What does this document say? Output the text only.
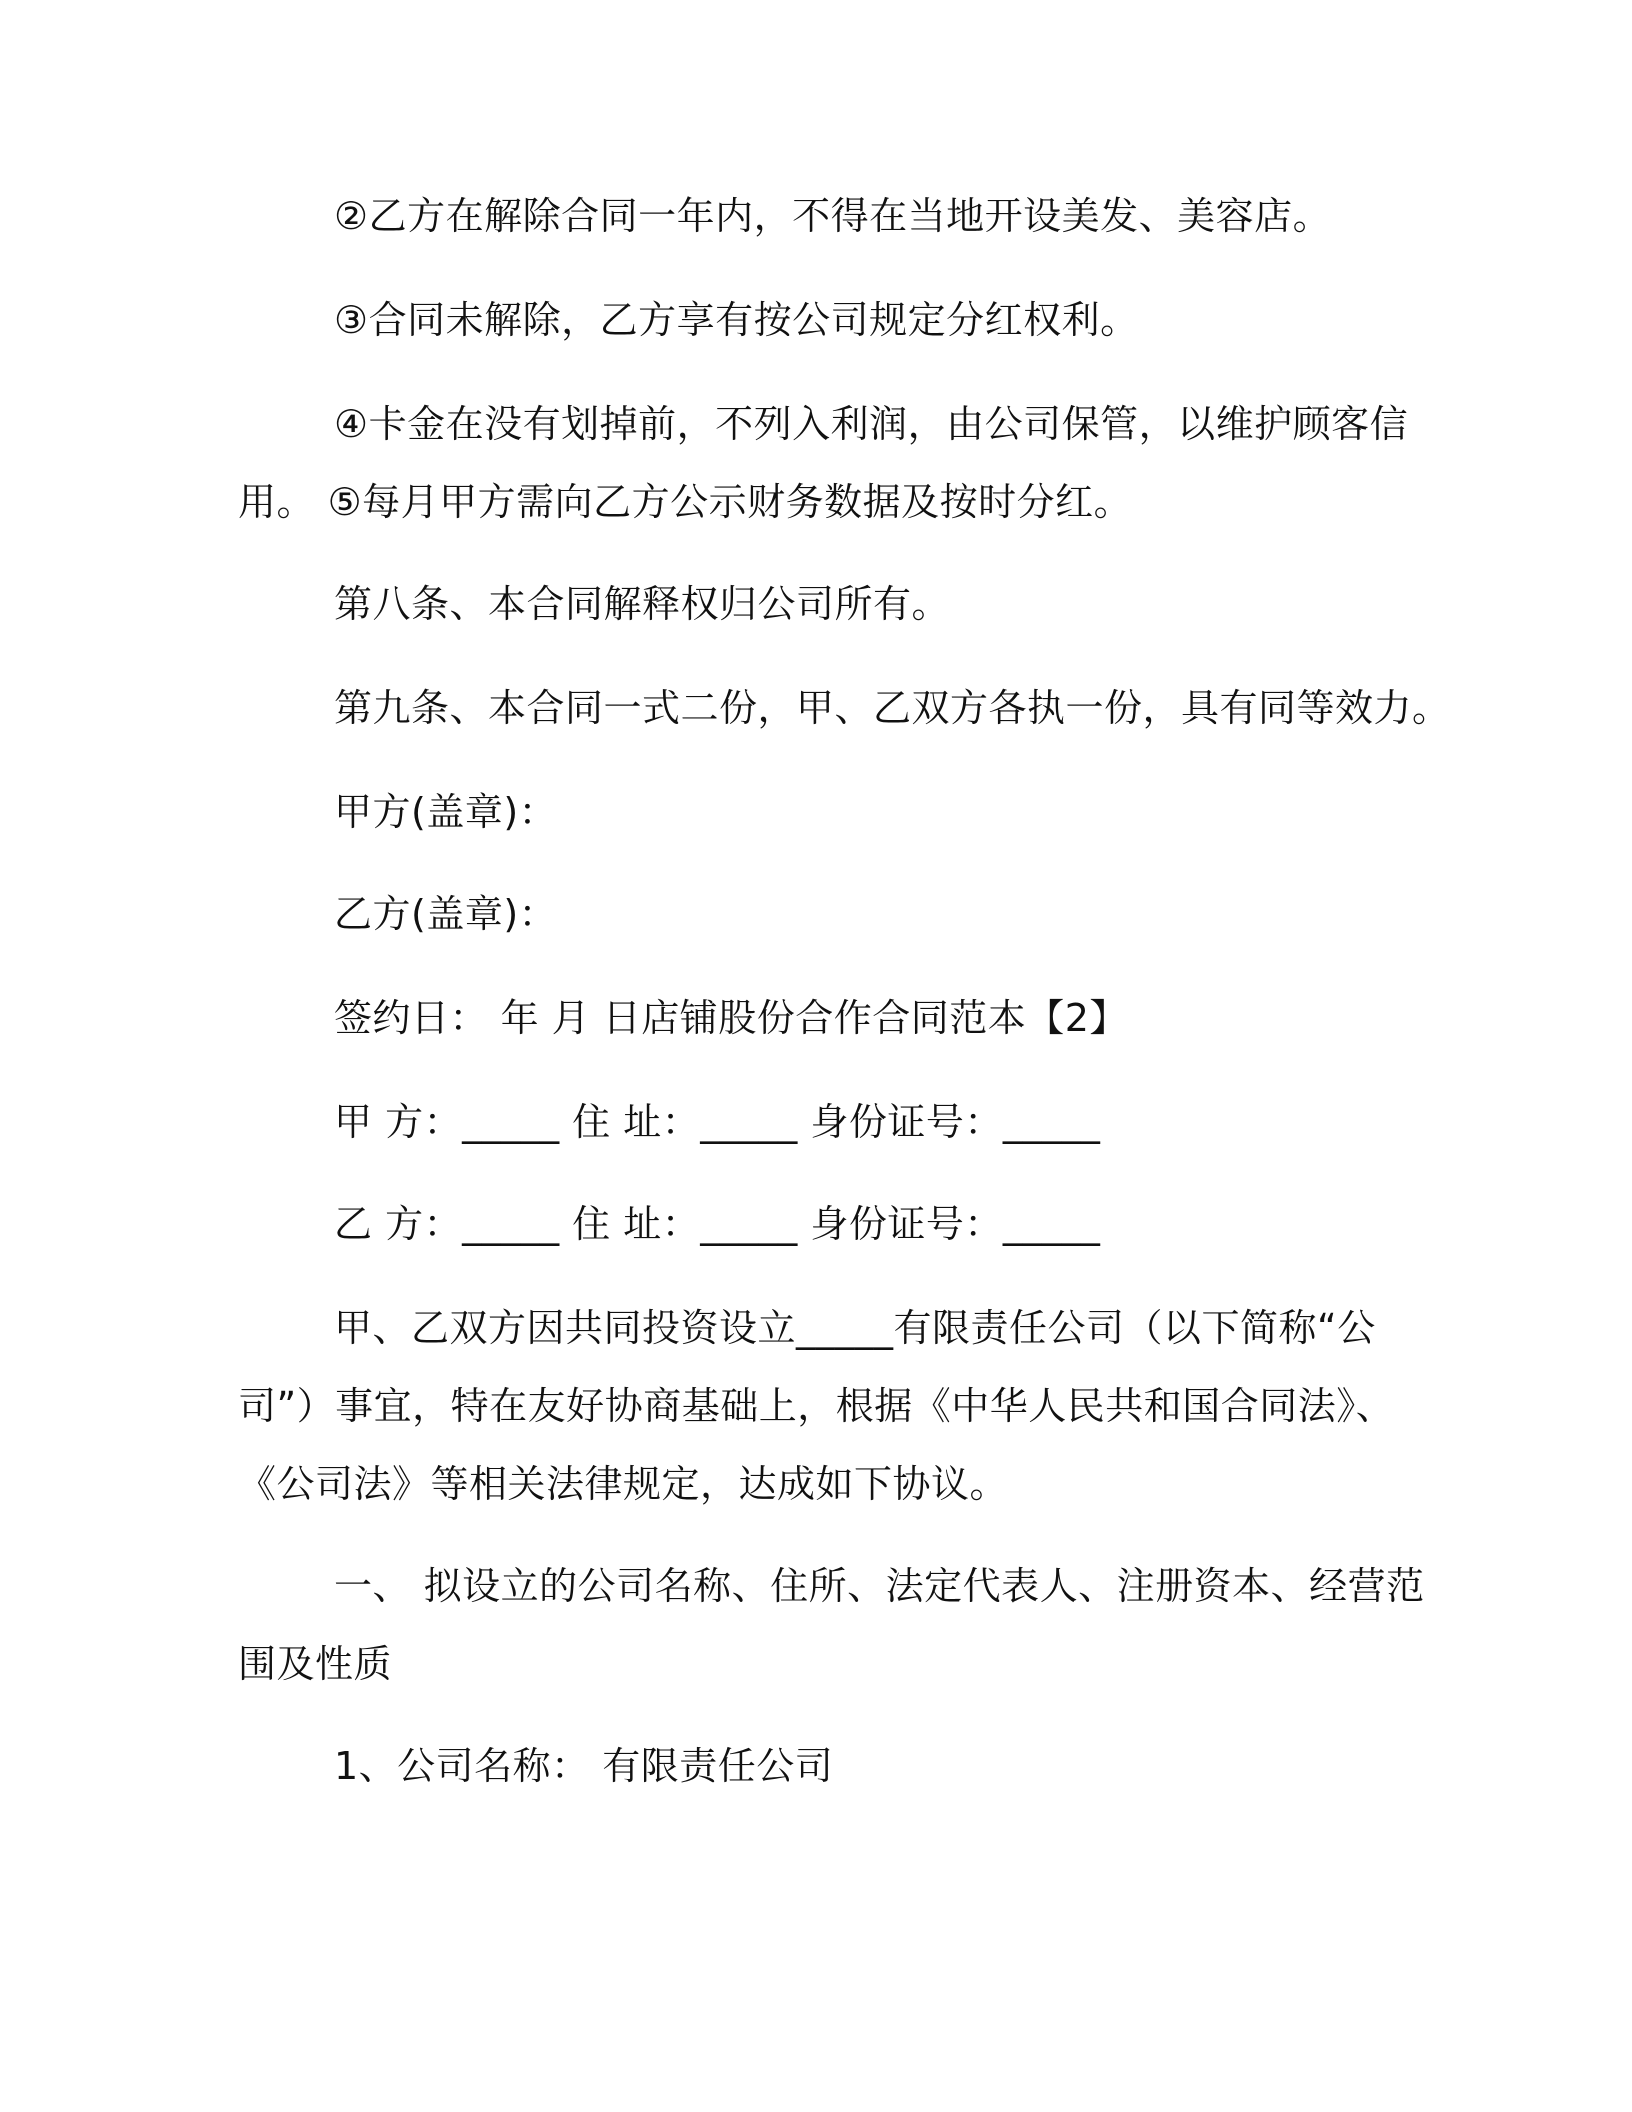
②乙方在解除合同一年内，不得在当地开设美发、美容店。
③合同未解除，乙方享有按公司规定分红权利。
④卡金在没有划掉前，不列入利润，由公司保管，以维护顾客信
用。 ⑤每月甲方需向乙方公示财务数据及按时分红。
第八条、本合同解释权归公司所有。
第九条、本合同一式二份，甲、乙双方各执一份，具有同等效力。
甲方(盖章)：
乙方(盖章)：
签约日： 年 月 日店铺股份合作合同范本【2】
甲 方：_____ 住 址：_____ 身份证号：_____
乙 方：_____ 住 址：_____ 身份证号：_____
甲、乙双方因共同投资设立_____有限责任公司（以下简称“公
司”）事宜，特在友好协商基础上，根据《中华人民共和国合同法》、
《公司法》等相关法律规定，达成如下协议。
一、 拟设立的公司名称、住所、法定代表人、注册资本、经营范
围及性质
1、公司名称： 有限责任公司
